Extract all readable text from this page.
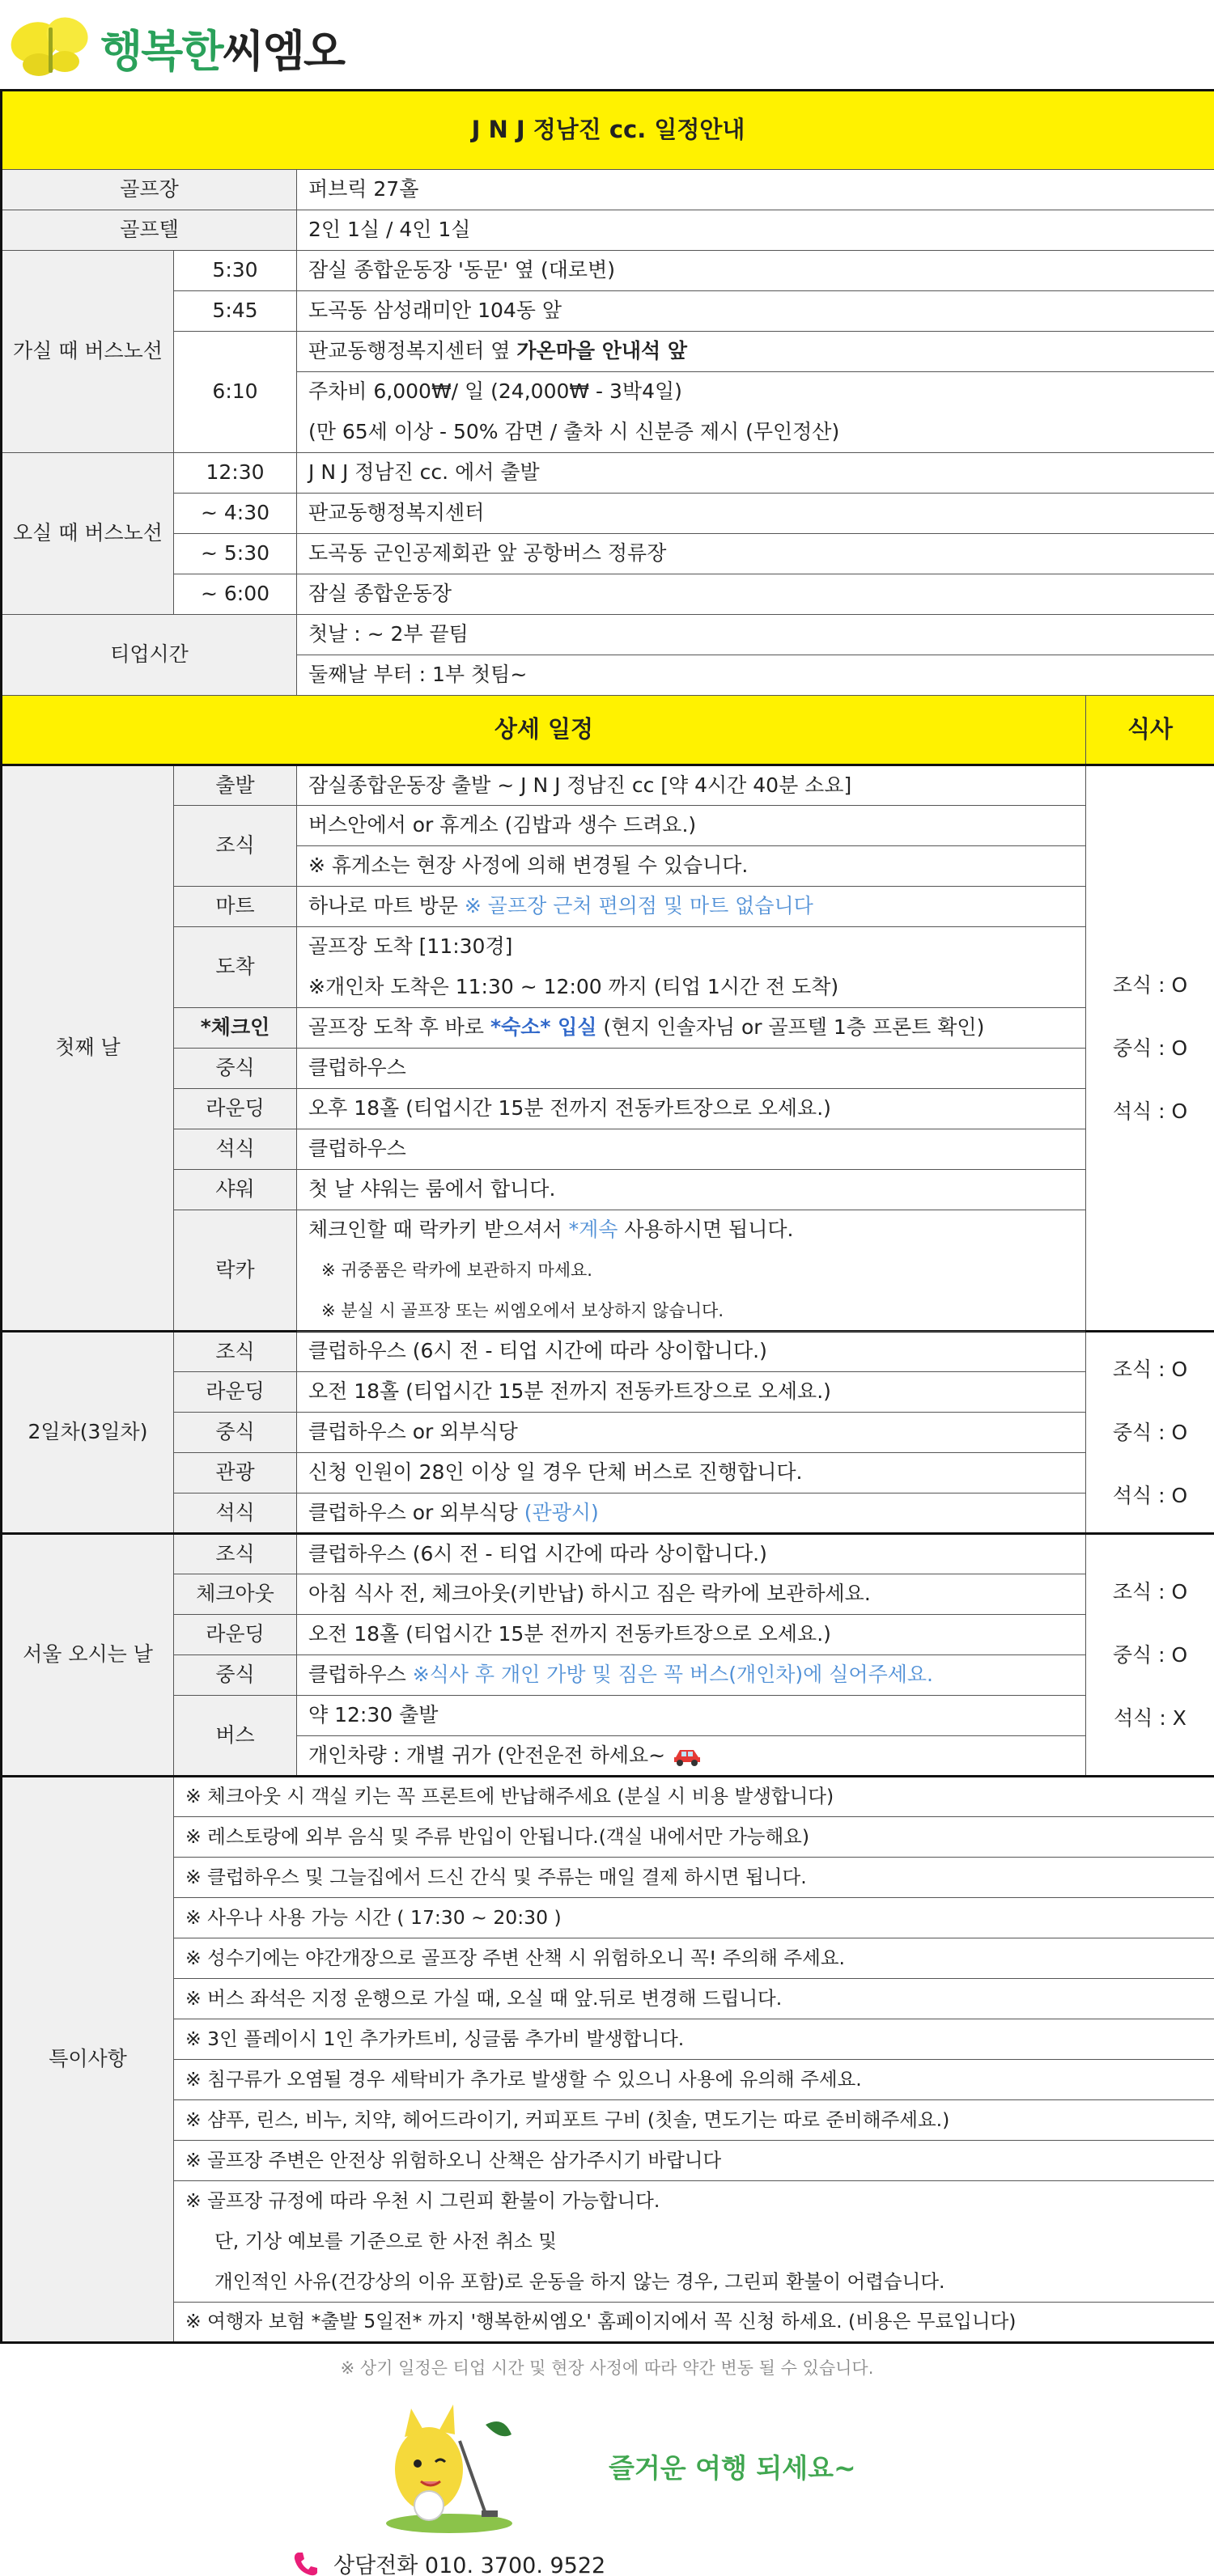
행복한씨엠오
J N J 정남진 cc. 일정안내			
골프장		퍼브릭 27홀	
골프텔		2인 1실 / 4인 1실	
가실 때 버스노선	5:30	잠실 종합운동장 '동문' 옆 (대로변)	
	5:45	도곡동 삼성래미안 104동 앞	
	6:10	판교동행정복지센터 옆 가온마을 안내석 앞	
		주차비 6,000₩/ 일 (24,000₩ - 3박4일)	
		(만 65세 이상 - 50% 감면 / 출차 시 신분증 제시 (무인정산)	
오실 때 버스노선	12:30	J N J 정남진 cc. 에서 출발	
	~ 4:30	판교동행정복지센터	
	~ 5:30	도곡동 군인공제회관 앞 공항버스 정류장	
	~ 6:00	잠실 종합운동장	
티업시간		첫날 : ~ 2부 끝팀	
		둘째날 부터 : 1부 첫팀~	
상세 일정			식사
첫째 날	출발	잠실종합운동장 출발 ~ J N J 정남진 cc [약 4시간 40분 소요]	조식 : O
중식 : O
석식 : O

	조식	버스안에서 or 휴게소 (김밥과 생수 드려요.)	
		※ 휴게소는 현장 사정에 의해 변경될 수 있습니다.	
	마트	하나로 마트 방문 ※ 골프장 근처 편의점 및 마트 없습니다	
	도착	골프장 도착 [11:30경]	
		※개인차 도착은 11:30 ~ 12:00 까지 (티업 1시간 전 도착)	
	*체크인	골프장 도착 후 바로 *숙소* 입실 (현지 인솔자님 or 골프텔 1층 프론트 확인)	
	중식	클럽하우스	
	라운딩	오후 18홀 (티업시간 15분 전까지 전동카트장으로 오세요.)	
	석식	클럽하우스	
	샤워	첫 날 샤워는 룸에서 합니다.	
	락카	체크인할 때 락카키 받으셔서 *계속 사용하시면 됩니다.	
		※ 귀중품은 락카에 보관하지 마세요.	
		※ 분실 시 골프장 또는 씨엠오에서 보상하지 않습니다.	

2일차(3일차)	조식	클럽하우스 (6시 전 - 티업 시간에 따라 상이합니다.)	조식 : O
중식 : O
석식 : O

	라운딩	오전 18홀 (티업시간 15분 전까지 전동카트장으로 오세요.)	
	중식	클럽하우스 or 외부식당	
	관광	신청 인원이 28인 이상 일 경우 단체 버스로 진행합니다.	
	석식	클럽하우스 or 외부식당 (관광시)	
서울 오시는 날	조식	클럽하우스 (6시 전 - 티업 시간에 따라 상이합니다.)	조식 : O
중식 : O
석식 : X

	체크아웃	아침 식사 전, 체크아웃(키반납) 하시고 짐은 락카에 보관하세요.	
	라운딩	오전 18홀 (티업시간 15분 전까지 전동카트장으로 오세요.)	
	중식	클럽하우스 ※식사 후 개인 가방 및 짐은 꼭 버스(개인차)에 실어주세요.	
	버스	약 12:30 출발	
		개인차량 : 개별 귀가 (안전운전 하세요~	
특이사항	※ 체크아웃 시 객실 키는 꼭 프론트에 반납해주세요 (분실 시 비용 발생합니다)		
	※ 레스토랑에 외부 음식 및 주류 반입이 안됩니다.(객실 내에서만 가능해요)		
	※ 클럽하우스 및 그늘집에서 드신 간식 및 주류는 매일 결제 하시면 됩니다.		
	※ 사우나 사용 가능 시간 ( 17:30 ~ 20:30 )		
	※ 성수기에는 야간개장으로 골프장 주변 산책 시 위험하오니 꼭! 주의해 주세요.		
	※ 버스 좌석은 지정 운행으로 가실 때, 오실 때 앞.뒤로 변경해 드립니다.		
	※ 3인 플레이시 1인 추가카트비, 싱글룸 추가비 발생합니다.		
	※ 침구류가 오염될 경우 세탁비가 추가로 발생할 수 있으니 사용에 유의해 주세요.		
	※ 샴푸, 린스, 비누, 치약, 헤어드라이기, 커피포트 구비 (칫솔, 면도기는 따로 준비해주세요.)		
	※ 골프장 주변은 안전상 위험하오니 산책은 삼가주시기 바랍니다		
	※ 골프장 규정에 따라 우천 시 그린피 환불이 가능합니다.		
	단, 기상 예보를 기준으로 한 사전 취소 및		
	개인적인 사유(건강상의 이유 포함)로 운동을 하지 않는 경우, 그린피 환불이 어렵습니다.		
	※ 여행자 보험 *출발 5일전* 까지 '행복한씨엠오' 홈페이지에서 꼭 신청 하세요. (비용은 무료입니다)		
※ 상기 일정은 티업 시간 및 현장 사정에 따라 약간 변동 될 수 있습니다.
즐거운 여행 되세요~
상담전화 010. 3700. 9522
